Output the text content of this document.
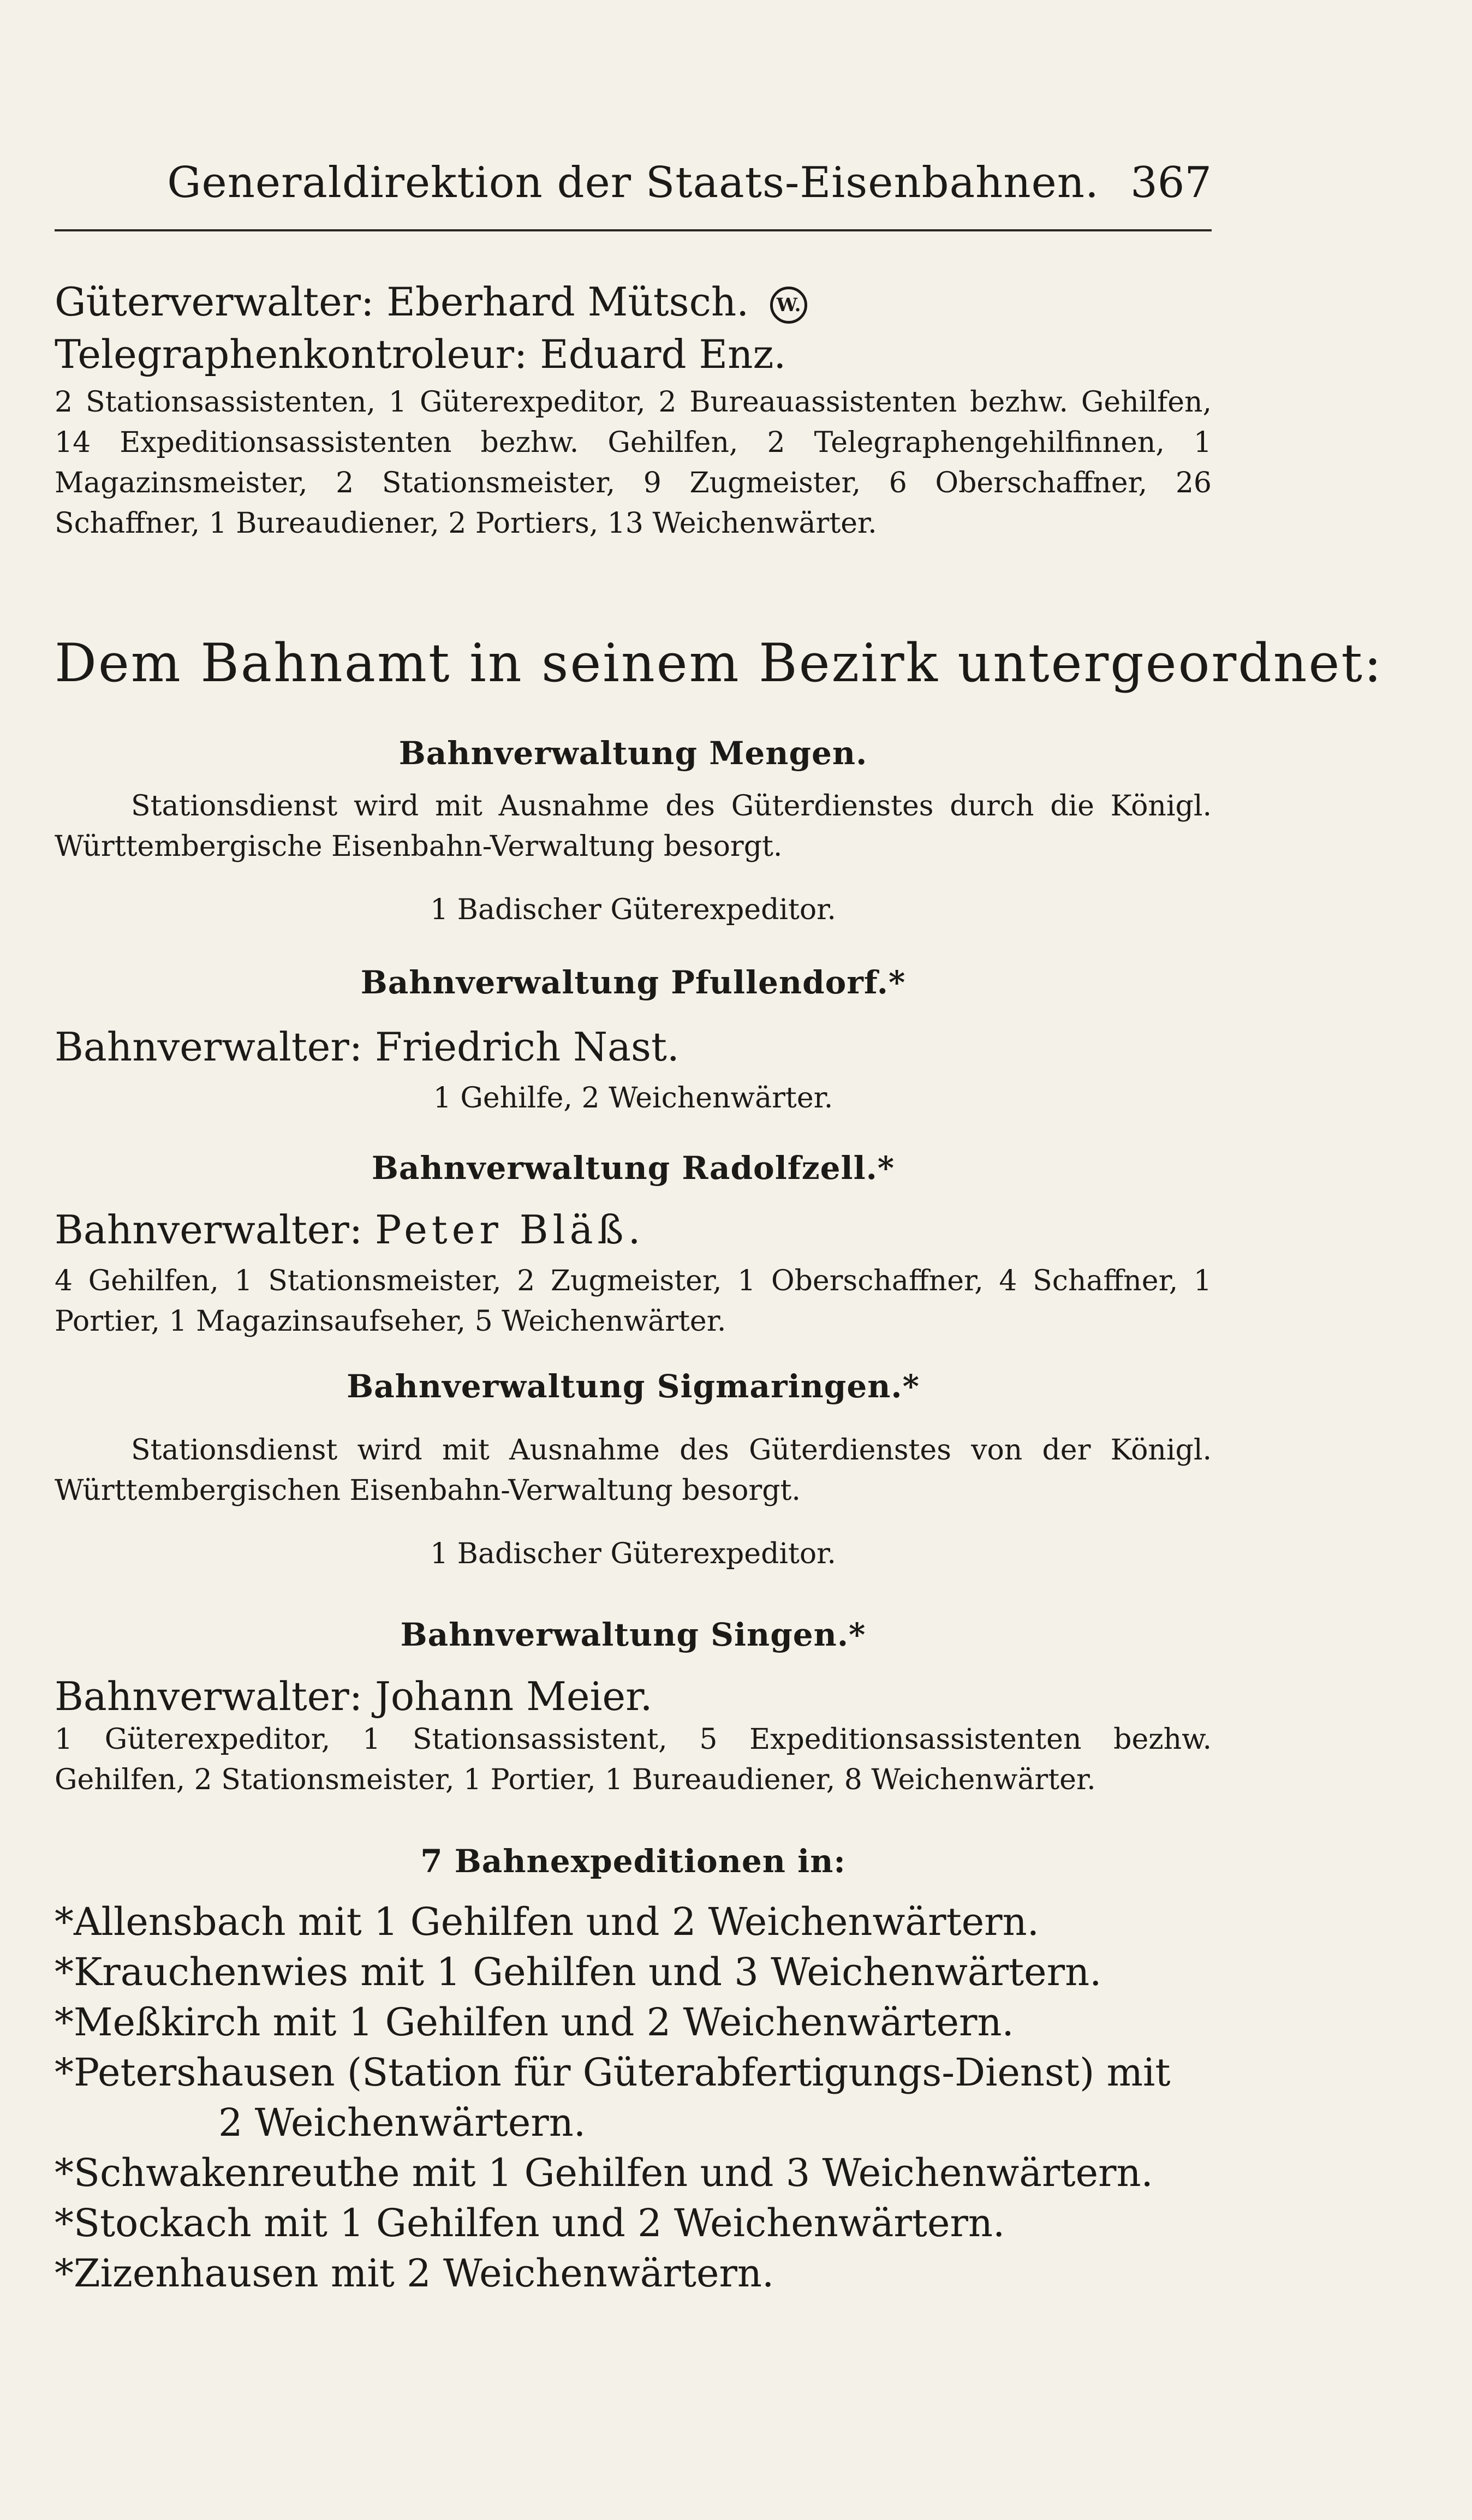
Generaldirektion der Staats-Eisenbahnen. 367
Güterverwalter: Eberhard Mütsch. W.
Telegraphenkontroleur: Eduard Enz.
2 Stationsassistenten, 1 Güterexpeditor, 2 Bureauassistenten bezhw. Gehilfen, 14 Expeditionsassistenten bezhw. Gehilfen, 2 Telegraphengehilfinnen, 1 Magazinsmeister, 2 Stationsmeister, 9 Zugmeister, 6 Oberschaffner, 26 Schaffner, 1 Bureaudiener, 2 Portiers, 13 Weichenwärter.
Dem Bahnamt in seinem Bezirk untergeordnet:
Bahnverwaltung Mengen.
Stationsdienst wird mit Ausnahme des Güterdienstes durch die Königl. Württembergische Eisenbahn-Verwaltung besorgt.
1 Badischer Güterexpeditor.
Bahnverwaltung Pfullendorf.*
Bahnverwalter: Friedrich Nast.
1 Gehilfe, 2 Weichenwärter.
Bahnverwaltung Radolfzell.*
Bahnverwalter: Peter Bläß.
4 Gehilfen, 1 Stationsmeister, 2 Zugmeister, 1 Oberschaffner, 4 Schaffner, 1 Portier, 1 Magazinsaufseher, 5 Weichenwärter.
Bahnverwaltung Sigmaringen.*
Stationsdienst wird mit Ausnahme des Güterdienstes von der Königl. Württembergischen Eisenbahn-Verwaltung besorgt.
1 Badischer Güterexpeditor.
Bahnverwaltung Singen.*
Bahnverwalter: Johann Meier.
1 Güterexpeditor, 1 Stationsassistent, 5 Expeditionsassistenten bezhw. Gehilfen, 2 Stationsmeister, 1 Portier, 1 Bureaudiener, 8 Weichenwärter.
7 Bahnexpeditionen in:
*Allensbach mit 1 Gehilfen und 2 Weichenwärtern.
*Krauchenwies mit 1 Gehilfen und 3 Weichenwärtern.
*Meßkirch mit 1 Gehilfen und 2 Weichenwärtern.
*Petershausen (Station für Güterabfertigungs-Dienst) mit
2 Weichenwärtern.
*Schwakenreuthe mit 1 Gehilfen und 3 Weichenwärtern.
*Stockach mit 1 Gehilfen und 2 Weichenwärtern.
*Zizenhausen mit 2 Weichenwärtern.
